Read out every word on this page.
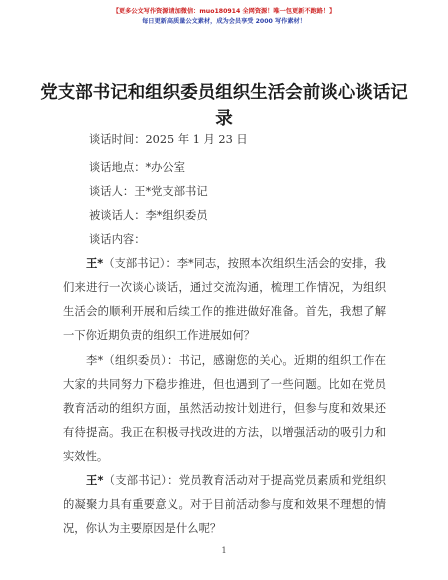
【更多公文写作资源请加微信：muo180914 全网资源！唯一包更新不跑路！】
每日更新高质量公文素材，成为会员享受 2000 写作素材！
党支部书记和组织委员组织生活会前谈心谈话记录
谈话时间：2025 年 1 月 23 日
谈话地点：*办公室
谈话人：王*党支部书记
被谈话人：李*组织委员
谈话内容：
王*（支部书记）：李*同志，按照本次组织生活会的安排，我们来进行一次谈心谈话，通过交流沟通，梳理工作情况，为组织生活会的顺利开展和后续工作的推进做好准备。首先，我想了解一下你近期负责的组织工作进展如何？
李*（组织委员）：书记，感谢您的关心。近期的组织工作在大家的共同努力下稳步推进，但也遇到了一些问题。比如在党员教育活动的组织方面，虽然活动按计划进行，但参与度和效果还有待提高。我正在积极寻找改进的方法，以增强活动的吸引力和实效性。
王*（支部书记）：党员教育活动对于提高党员素质和党组织的凝聚力具有重要意义。对于目前活动参与度和效果不理想的情况，你认为主要原因是什么呢？
1
